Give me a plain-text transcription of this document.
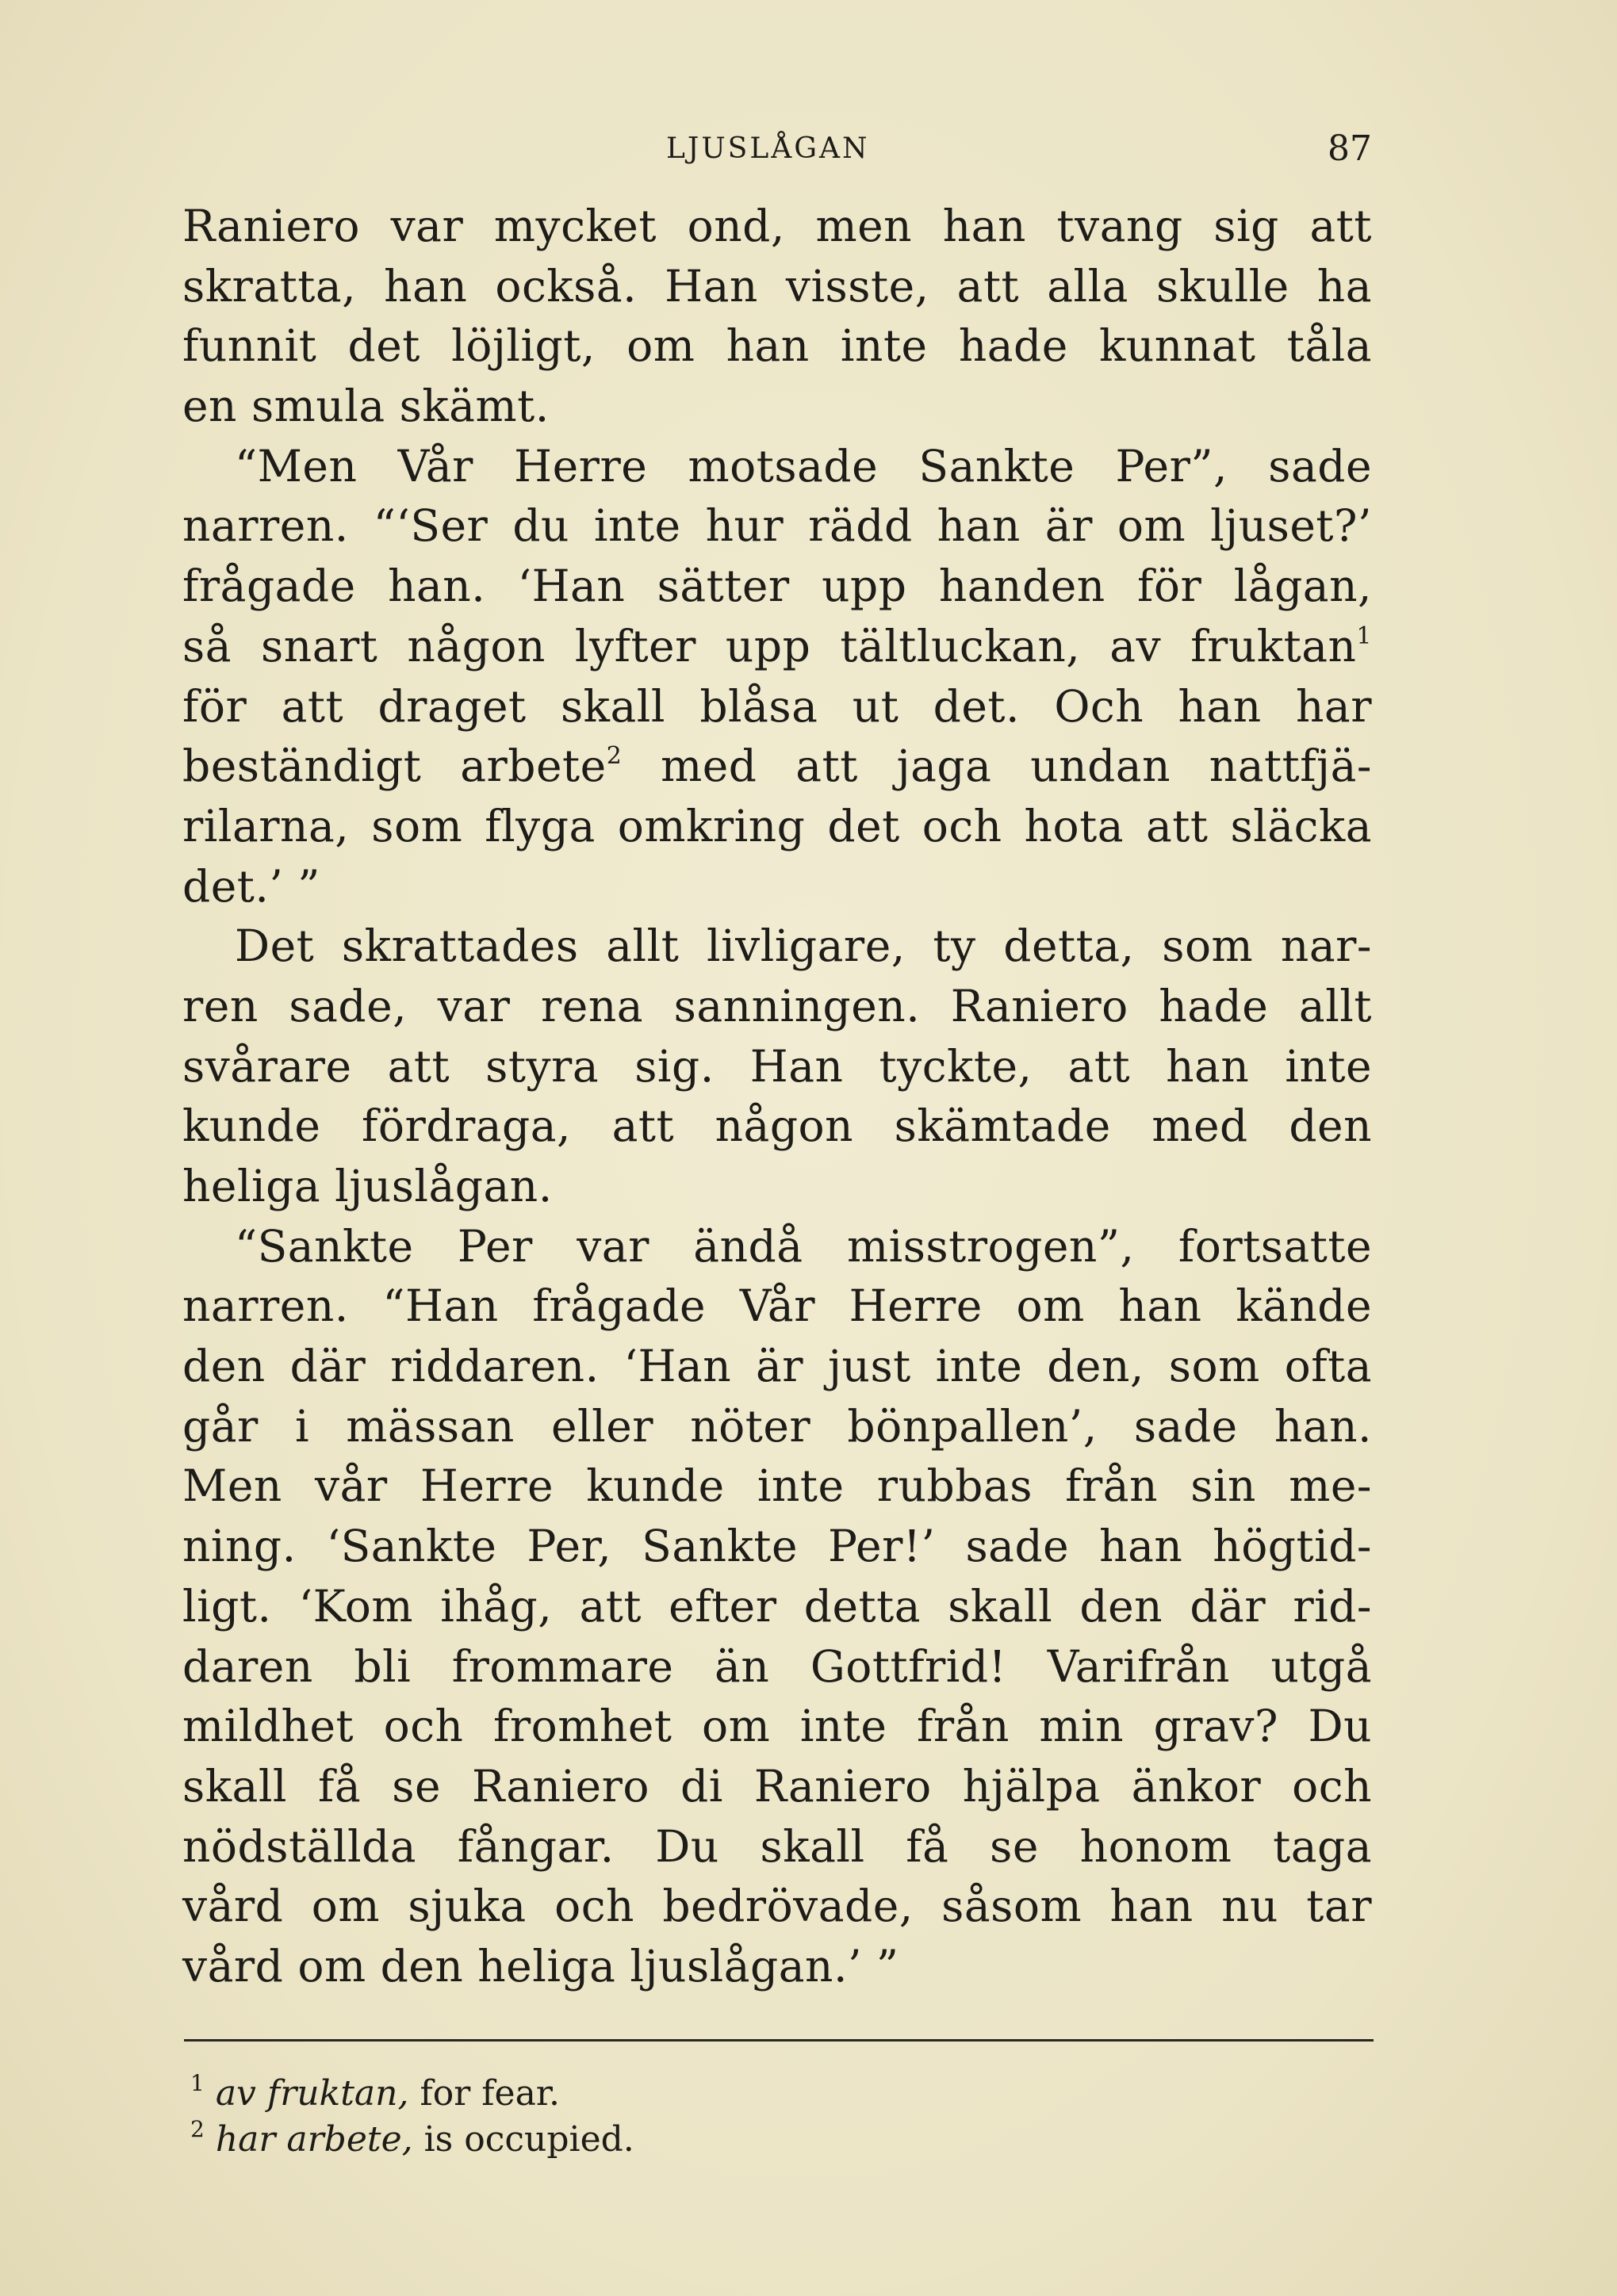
LJUSLÅGAN	87
Raniero var mycket ond, men han tvang sig att
skratta, han också. Han visste, att alla skulle ha
funnit det löjligt, om han inte hade kunnat tåla
en smula skämt.
“Men Vår Herre motsade Sankte Per”, sade
narren. “‘Ser du inte hur rädd han är om ljuset?’
frågade han. ‘Han sätter upp handen för lågan,
så snart någon lyfter upp tältluckan, av fruktan$^1$
för att draget skall blåsa ut det. Och han har
beständigt arbete$^2$ med att jaga undan nattfjä-
rilarna, som flyga omkring det och hota att släcka
det.’ ”
Det skrattades allt livligare, ty detta, som nar-
ren sade, var rena sanningen. Raniero hade allt
svårare att styra sig. Han tyckte, att han inte
kunde fördraga, att någon skämtade med den
heliga ljuslågan.
“Sankte Per var ändå misstrogen”, fortsatte
narren. “Han frågade Vår Herre om han kände
den där riddaren. ‘Han är just inte den, som ofta
går i mässan eller nöter bönpallen’, sade han.
Men vår Herre kunde inte rubbas från sin me-
ning. ‘Sankte Per, Sankte Per!’ sade han högtid-
ligt. ‘Kom ihåg, att efter detta skall den där rid-
daren bli frommare än Gottfrid! Varifrån utgå
mildhet och fromhet om inte från min grav? Du
skall få se Raniero di Raniero hjälpa änkor och
nödställda fångar. Du skall få se honom taga
vård om sjuka och bedrövade, såsom han nu tar
vård om den heliga ljuslågan.’ ”
$^1$ av fruktan, for fear.
$^2$ har arbete, is occupied.
